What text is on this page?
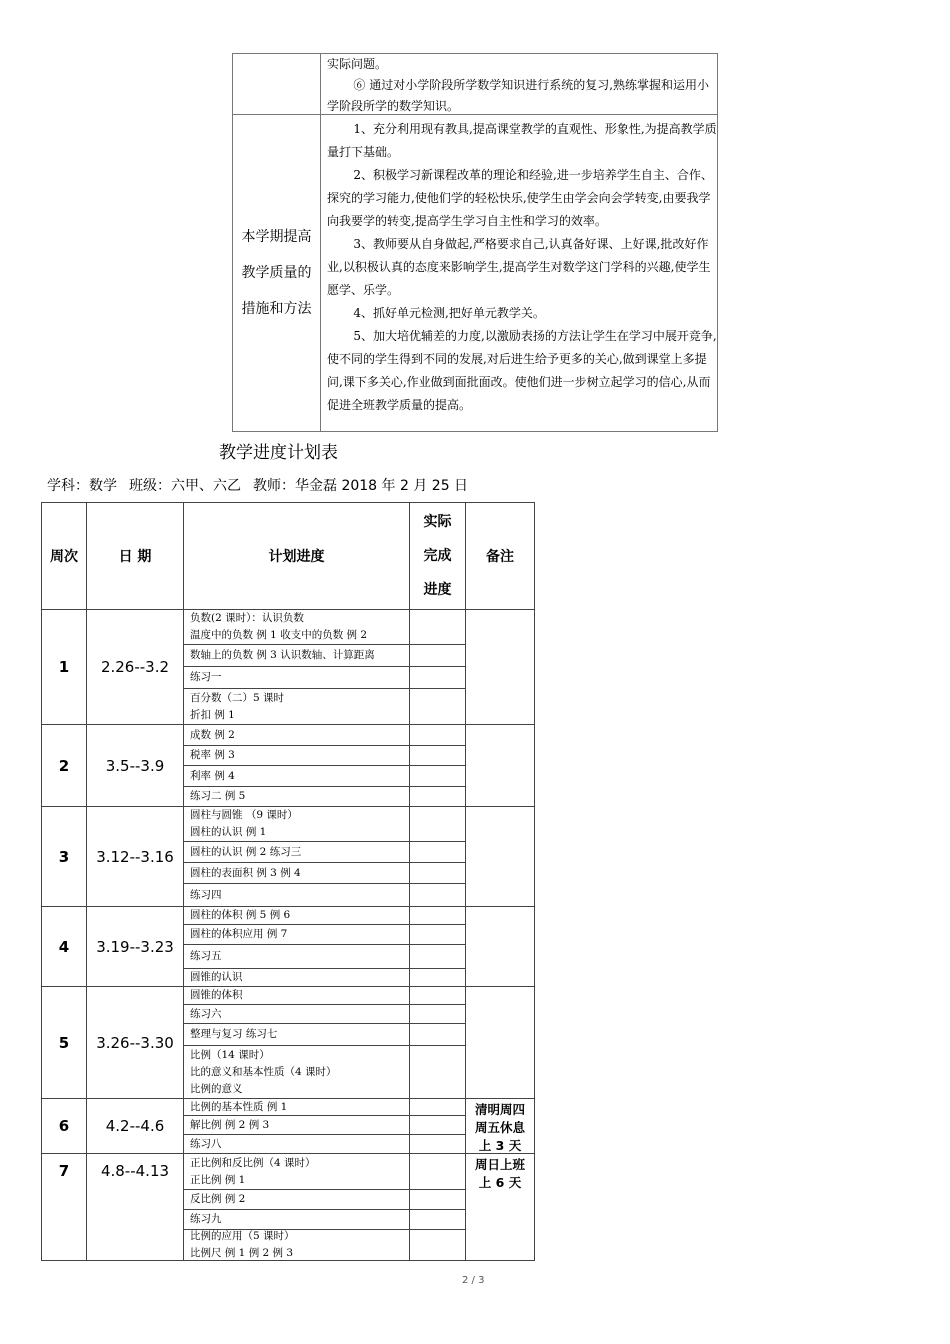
实际问题。

⑥ 通过对小学阶段所学数学知识进行系统的复习,熟练掌握和运用小学阶段所学的数学知识。

本学期提高教学质量的措施和方法

1、充分利用现有教具,提高课堂教学的直观性、形象性,为提高教学质量打下基础。

2、积极学习新课程改革的理论和经验,进一步培养学生自主、合作、探究的学习能力,使他们学的轻松快乐,使学生由学会向会学转变,由要我学向我要学的转变,提高学生学习自主性和学习的效率。

3、教师要从自身做起,严格要求自己,认真备好课、上好课,批改好作业,以积极认真的态度来影响学生,提高学生对数学这门学科的兴趣,使学生愿学、乐学。

4、抓好单元检测,把好单元教学关。

5、加大培优辅差的力度,以激励表扬的方法让学生在学习中展开竞争,使不同的学生得到不同的发展,对后进生给予更多的关心,做到课堂上多提问,课下多关心,作业做到面批面改。使他们进一步树立起学习的信心,从而促进全班教学质量的提高。

教学进度计划表
学科：数学 班级：六甲、六乙 教师：华金磊 2018 年 2 月 25 日
周次	日 期	计划进度
实际
完成
进度
备注
1 2.26--3.2
负数(2 课时）：认识负数
温度中的负数 例 1 收支中的负数 例 2
数轴上的负数 例 3 认识数轴、计算距离
练习一
百分数（二）5 课时
折扣 例 1
2 3.5--3.9
成数 例 2
税率 例 3
利率 例 4
练习二 例 5
3 3.12--3.16
圆柱与圆锥 （9 课时）
圆柱的认识 例 1
圆柱的认识 例 2 练习三
圆柱的表面积 例 3 例 4
练习四
4 3.19--3.23
圆柱的体积 例 5 例 6
圆柱的体积应用 例 7
练习五
圆锥的认识
5 3.26--3.30
圆锥的体积
练习六
整理与复习 练习七
比例（14 课时）
比的意义和基本性质（4 课时）
比例的意义
6 4.2--4.6
比例的基本性质 例 1
解比例 例 2 例 3
练习八
清明周四周五休息上 3 天
7 4.8--4.13 正比例和反比例（4 课时）
正比例 例 1
反比例 例 2
练习九
比例的应用（5 课时）
比例尺 例 1 例 2 例 3
周日上班上 6 天
2 / 3
